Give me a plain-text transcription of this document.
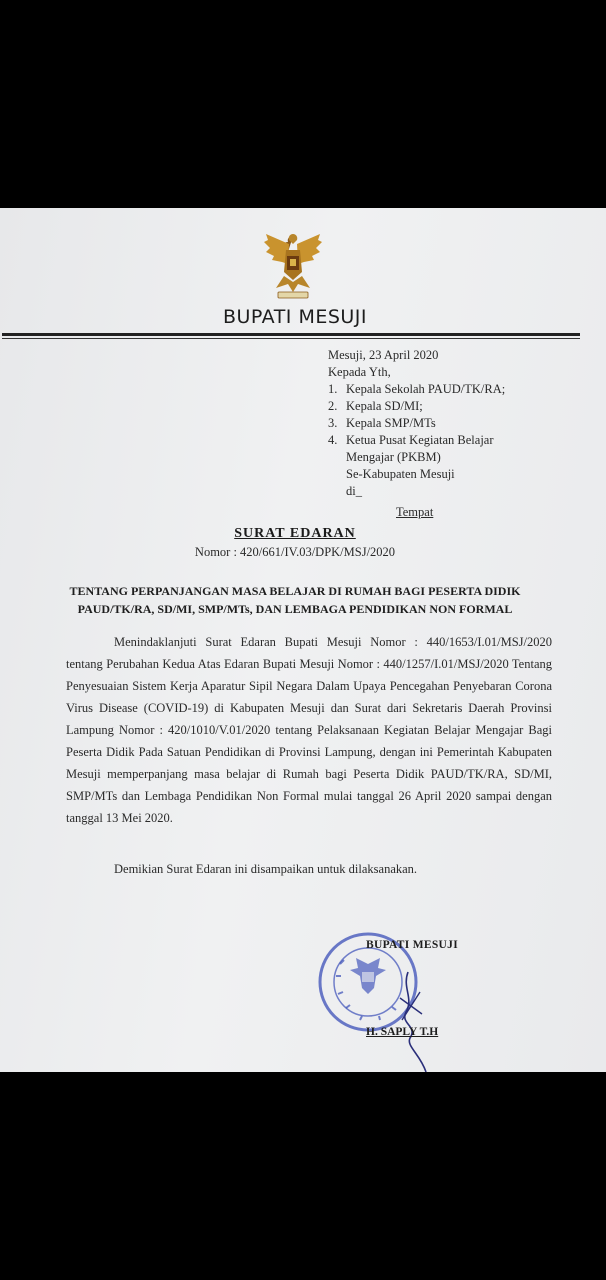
BUPATI MESUJI
Mesuji, 23 April 2020
Kepada Yth,
1. Kepala Sekolah PAUD/TK/RA;
2. Kepala SD/MI;
3. Kepala SMP/MTs
4. Ketua Pusat Kegiatan Belajar
Mengajar (PKBM)
Se-Kabupaten Mesuji
di_
Tempat
SURAT EDARAN
Nomor : 420/661/IV.03/DPK/MSJ/2020
TENTANG PERPANJANGAN MASA BELAJAR DI RUMAH BAGI PESERTA DIDIK
PAUD/TK/RA, SD/MI, SMP/MTs, DAN LEMBAGA PENDIDIKAN NON FORMAL
Menindaklanjuti Surat Edaran Bupati Mesuji Nomor : 440/1653/I.01/MSJ/2020 tentang Perubahan Kedua Atas Edaran Bupati Mesuji Nomor : 440/1257/I.01/MSJ/2020 Tentang Penyesuaian Sistem Kerja Aparatur Sipil Negara Dalam Upaya Pencegahan Penyebaran Corona Virus Disease (COVID-19) di Kabupaten Mesuji dan Surat dari Sekretaris Daerah Provinsi Lampung Nomor : 420/1010/V.01/2020 tentang Pelaksanaan Kegiatan Belajar Mengajar Bagi Peserta Didik Pada Satuan Pendidikan di Provinsi Lampung, dengan ini Pemerintah Kabupaten Mesuji memperpanjang masa belajar di Rumah bagi Peserta Didik PAUD/TK/RA, SD/MI, SMP/MTs dan Lembaga Pendidikan Non Formal mulai tanggal 26 April 2020 sampai dengan tanggal 13 Mei 2020.
Demikian Surat Edaran ini disampaikan untuk dilaksanakan.
BUPATI MESUJI
H. SAPLY T.H
